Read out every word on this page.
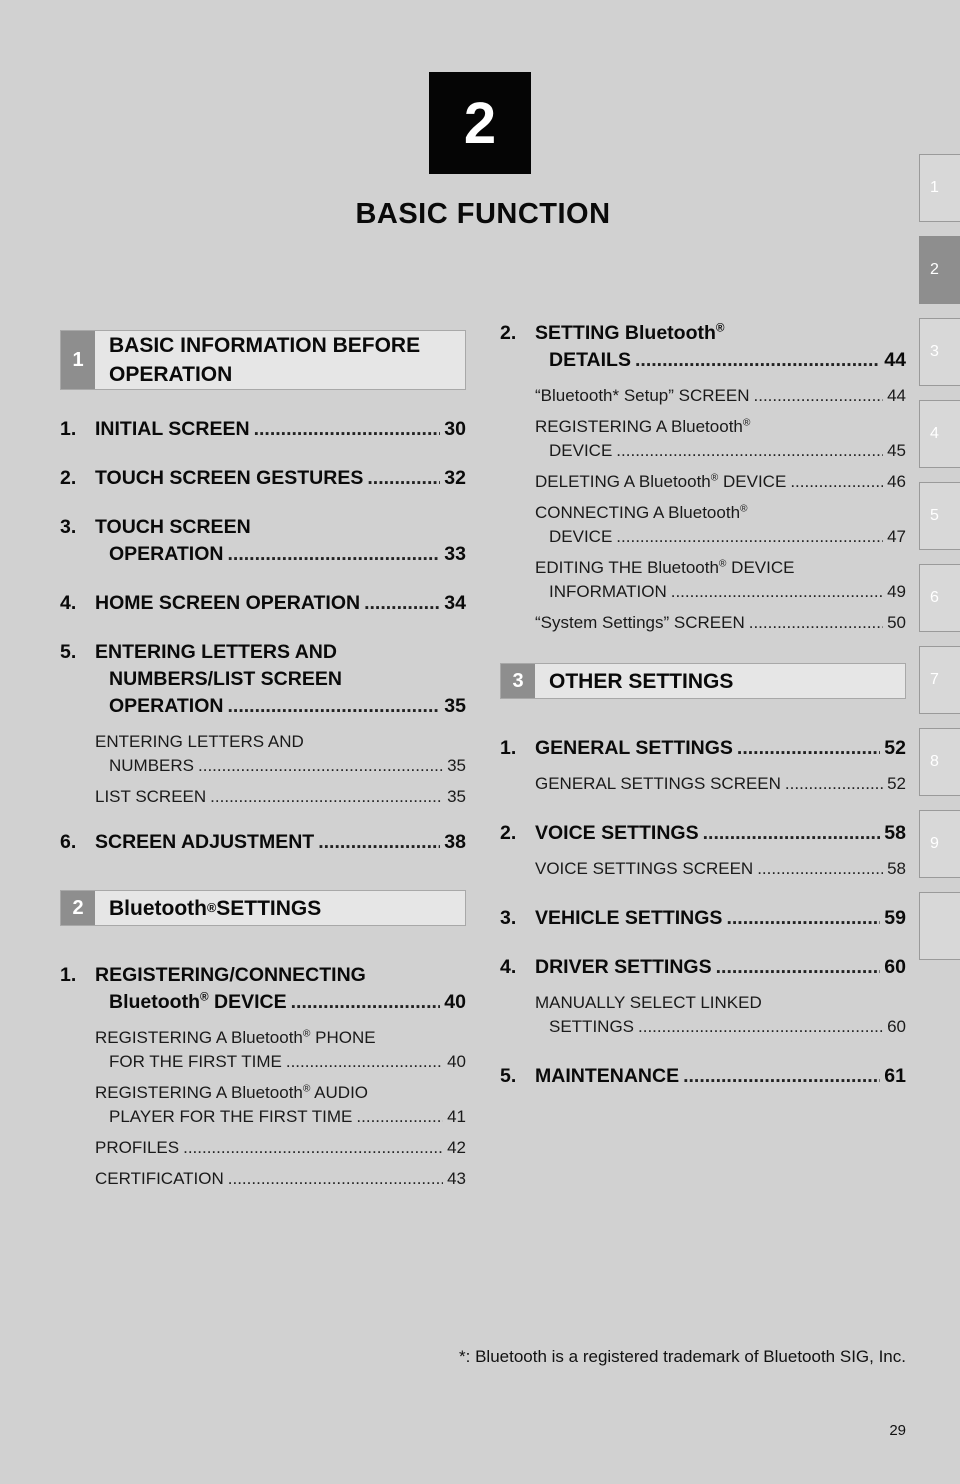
2
BASIC FUNCTION
1
2
3
4
5
6
7
8
9
1
BASIC INFORMATION BEFORE
OPERATION
1. INITIAL SCREEN .....	30
2. TOUCH SCREEN GESTURES .....	32
3. TOUCH SCREEN
OPERATION .....	33
4. HOME SCREEN OPERATION .....	34
5. ENTERING LETTERS AND
NUMBERS/LIST SCREEN
OPERATION .....	35
ENTERING LETTERS AND
NUMBERS .....	35
LIST SCREEN .....	35
6. SCREEN ADJUSTMENT .....	38
2	Bluetooth ® SETTINGS
1. REGISTERING/CONNECTING
Bluetooth® DEVICE .....	40
REGISTERING A Bluetooth® PHONE
FOR THE FIRST TIME .....	40
REGISTERING A Bluetooth® AUDIO
PLAYER FOR THE FIRST TIME .....	41
PROFILES .....	42
CERTIFICATION .....	43
2. SETTING Bluetooth®
DETAILS .....	44
“Bluetooth* Setup” SCREEN .....	44
REGISTERING A Bluetooth®
DEVICE .....	45
DELETING A Bluetooth® DEVICE .....	46
CONNECTING A Bluetooth®
DEVICE .....	47
EDITING THE Bluetooth® DEVICE
INFORMATION .....	49
“System Settings” SCREEN .....	50
3	OTHER SETTINGS
1. GENERAL SETTINGS .....	52
GENERAL SETTINGS SCREEN .....	52
2. VOICE SETTINGS .....	58
VOICE SETTINGS SCREEN .....	58
3. VEHICLE SETTINGS .....	59
4. DRIVER SETTINGS .....	60
MANUALLY SELECT LINKED
SETTINGS .....	60
5. MAINTENANCE .....	61
*: Bluetooth is a registered trademark of Bluetooth SIG, Inc.
29
